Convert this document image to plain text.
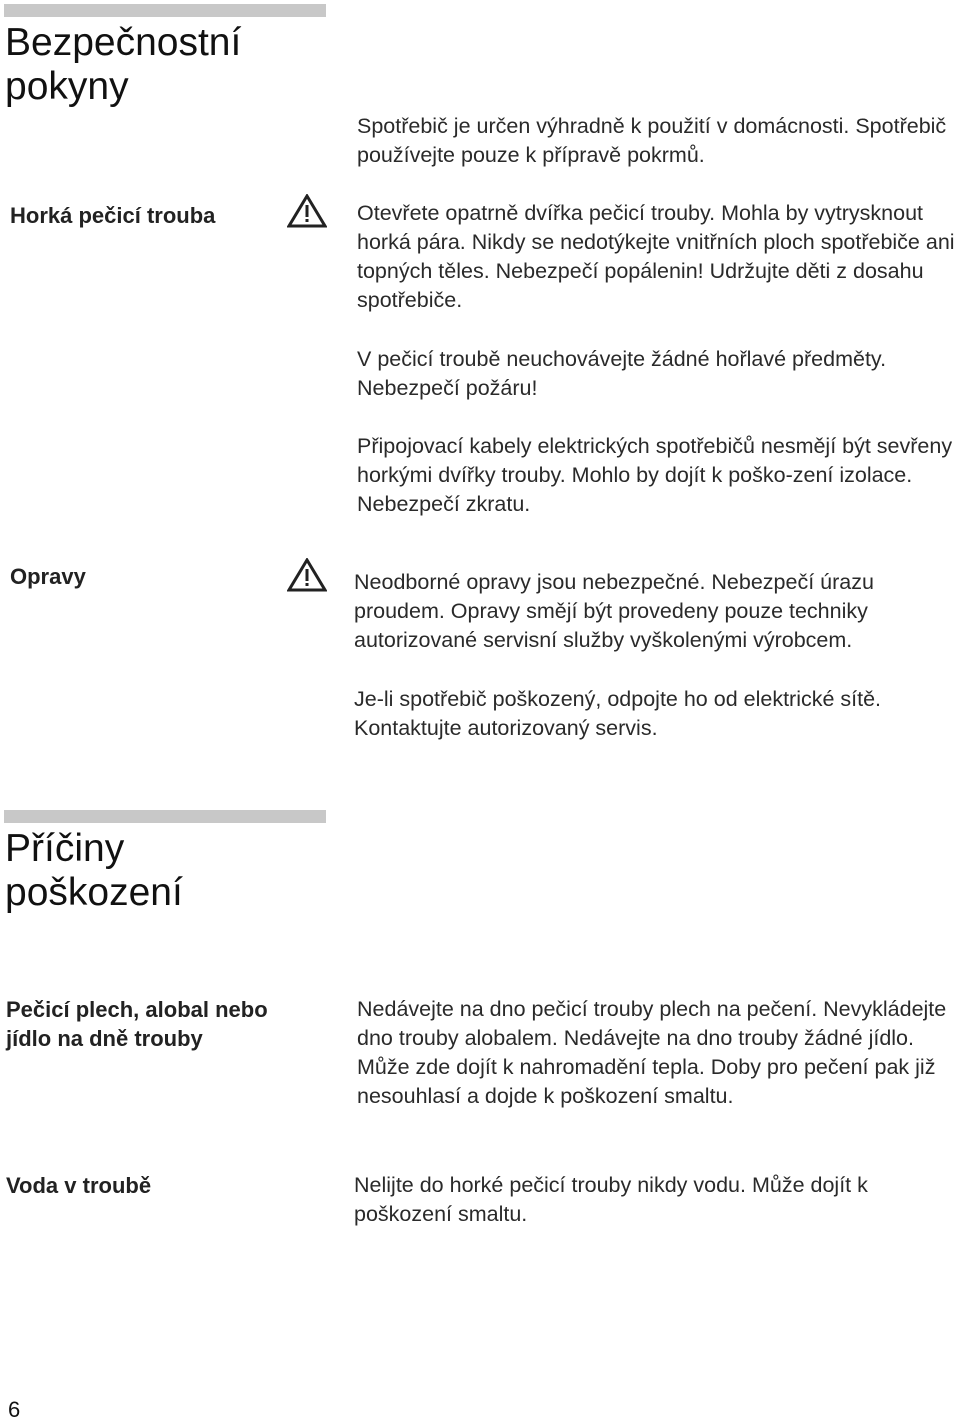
Bezpečnostní
pokyny

Spotřebič je určen výhradně k použití v domácnosti. Spotřebič používejte pouze k přípravě pokrmů.

Horká pečicí trouba	Otevřete opatrně dvířka pečicí trouby. Mohla by vytrysknout horká pára. Nikdy se nedotýkejte vnitřních ploch spotřebiče ani topných těles. Nebezpečí popálenin! Udržujte děti z dosahu spotřebiče.

V pečicí troubě neuchovávejte žádné hořlavé předměty. Nebezpečí požáru!

Připojovací kabely elektrických spotřebičů nesmějí být sevřeny horkými dvířky trouby. Mohlo by dojít k poško-zení izolace. Nebezpečí zkratu.

Opravy	Neodborné opravy jsou nebezpečné. Nebezpečí úrazu proudem. Opravy smějí být provedeny pouze techniky autorizované servisní služby vyškolenými výrobcem.

Je-li spotřebič poškozený, odpojte ho od elektrické sítě. Kontaktujte autorizovaný servis.

Příčiny
poškození
Pečicí plech, alobal nebo
jídlo na dně trouby

Nedávejte na dno pečicí trouby plech na pečení. Nevykládejte dno trouby alobalem. Nedávejte na dno trouby žádné jídlo. Může zde dojít k nahromadění tepla. Doby pro pečení pak již nesouhlasí a dojde k poškození smaltu.

Voda v troubě	Nelijte do horké pečicí trouby nikdy vodu. Může dojít k poškození smaltu.

6
